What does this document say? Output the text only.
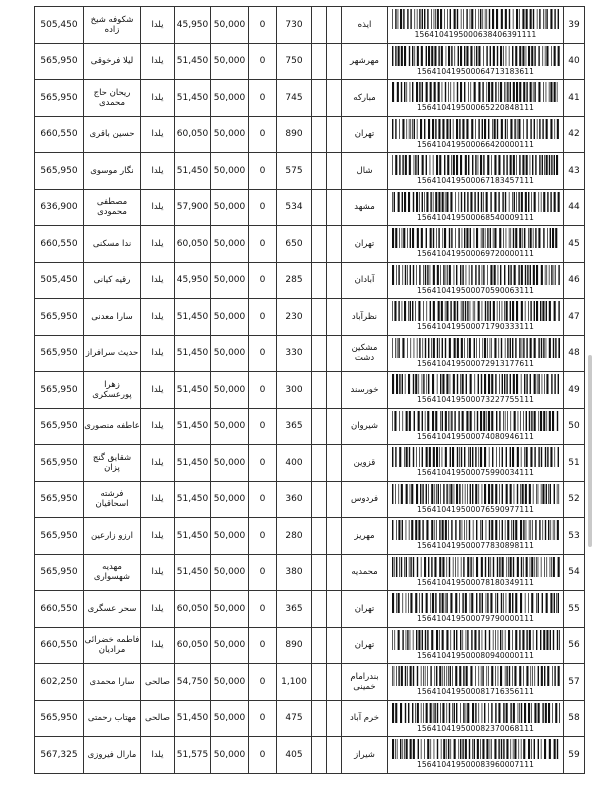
505,450	شکوفه شیخ زاده	یلدا	45,950	50,000	0	730			ایذه	1564104195000638406391111	39
565,950	لیلا فرخوقی	یلدا	51,450	50,000	0	750			مهرشهر	156410419500064713183611	40
565,950	ریحان حاج محمدی	یلدا	51,450	50,000	0	745			مبارکه	156410419500065220848111	41
660,550	حسین باقری	یلدا	60,050	50,000	0	890			تهران	156410419500066420000111	42
565,950	نگار موسوی	یلدا	51,450	50,000	0	575			شال	156410419500067183457111	43
636,900	مصطفی محمودی	یلدا	57,900	50,000	0	534			مشهد	156410419500068540009111	44
660,550	ندا مسکنی	یلدا	60,050	50,000	0	650			تهران	156410419500069720000111	45
505,450	رقیه کیانی	یلدا	45,950	50,000	0	285			آبادان	156410419500070590063111	46
565,950	سارا معدنی	یلدا	51,450	50,000	0	230			نظرآباد	156410419500071790333111	47
565,950	حدیث سرافراز	یلدا	51,450	50,000	0	330			مشکین دشت	156410419500072913177611	48
565,950	زهرا پورعسکری	یلدا	51,450	50,000	0	300			خورسند	156410419500073227755111	49
565,950	عاطفه منصوری	یلدا	51,450	50,000	0	365			شیروان	156410419500074080946111	50
565,950	شقایق گنج پزان	یلدا	51,450	50,000	0	400			قزوین	156410419500075990034111	51
565,950	فرشته اسحاقیان	یلدا	51,450	50,000	0	360			فردوس	156410419500076590977111	52
565,950	ارزو زارعین	یلدا	51,450	50,000	0	280			مهریز	156410419500077830898111	53
565,950	مهدیه شهسواری	یلدا	51,450	50,000	0	380			محمدیه	156410419500078180349111	54
660,550	سحر عسگری	یلدا	60,050	50,000	0	365			تهران	156410419500079790000111	55
660,550	فاطمه خضرائی مرادیان	یلدا	60,050	50,000	0	890			تهران	156410419500080940000111	56
602,250	سارا محمدی	صالحی	54,750	50,000	0	1,100			بندرامام خمینی	156410419500081716356111	57
565,950	مهتاب رحمتی	صالحی	51,450	50,000	0	475			خرم آباد	156410419500082370068111	58
567,325	مارال فیروزی	یلدا	51,575	50,000	0	405			شیراز	156410419500083960007111	59
